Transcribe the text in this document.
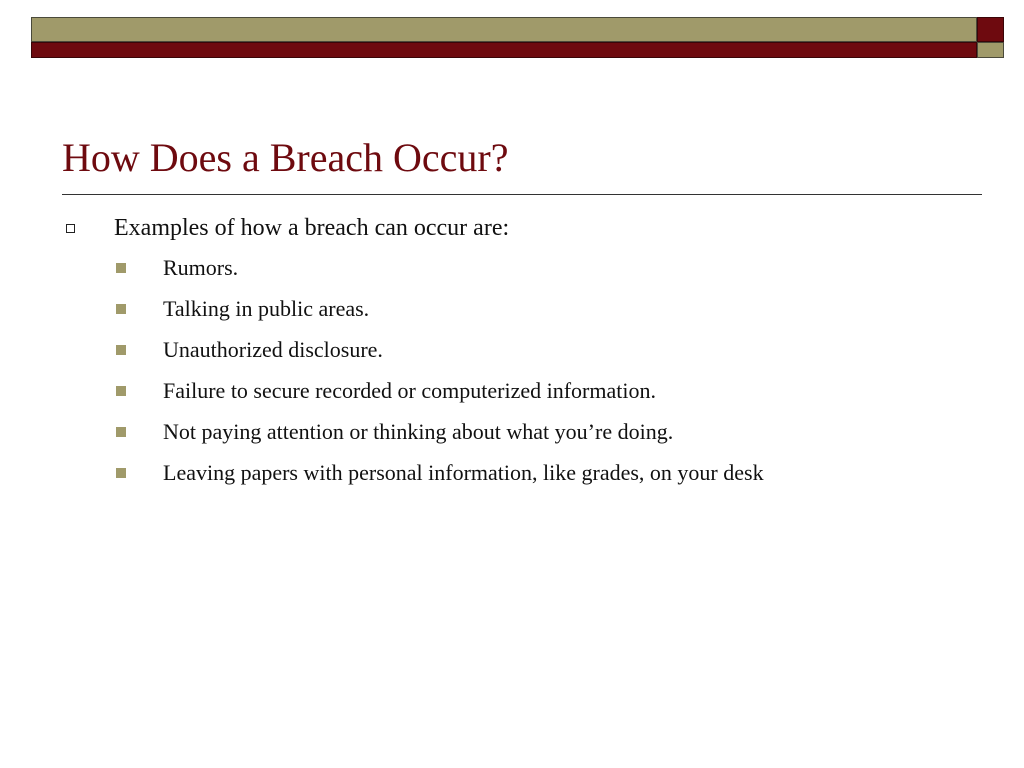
How Does a Breach Occur?
Examples of how a breach can occur are:
Rumors.
Talking in public areas.
Unauthorized disclosure.
Failure to secure recorded or computerized information.
Not paying attention or thinking about what you’re doing.
Leaving papers with personal information, like grades, on your desk
